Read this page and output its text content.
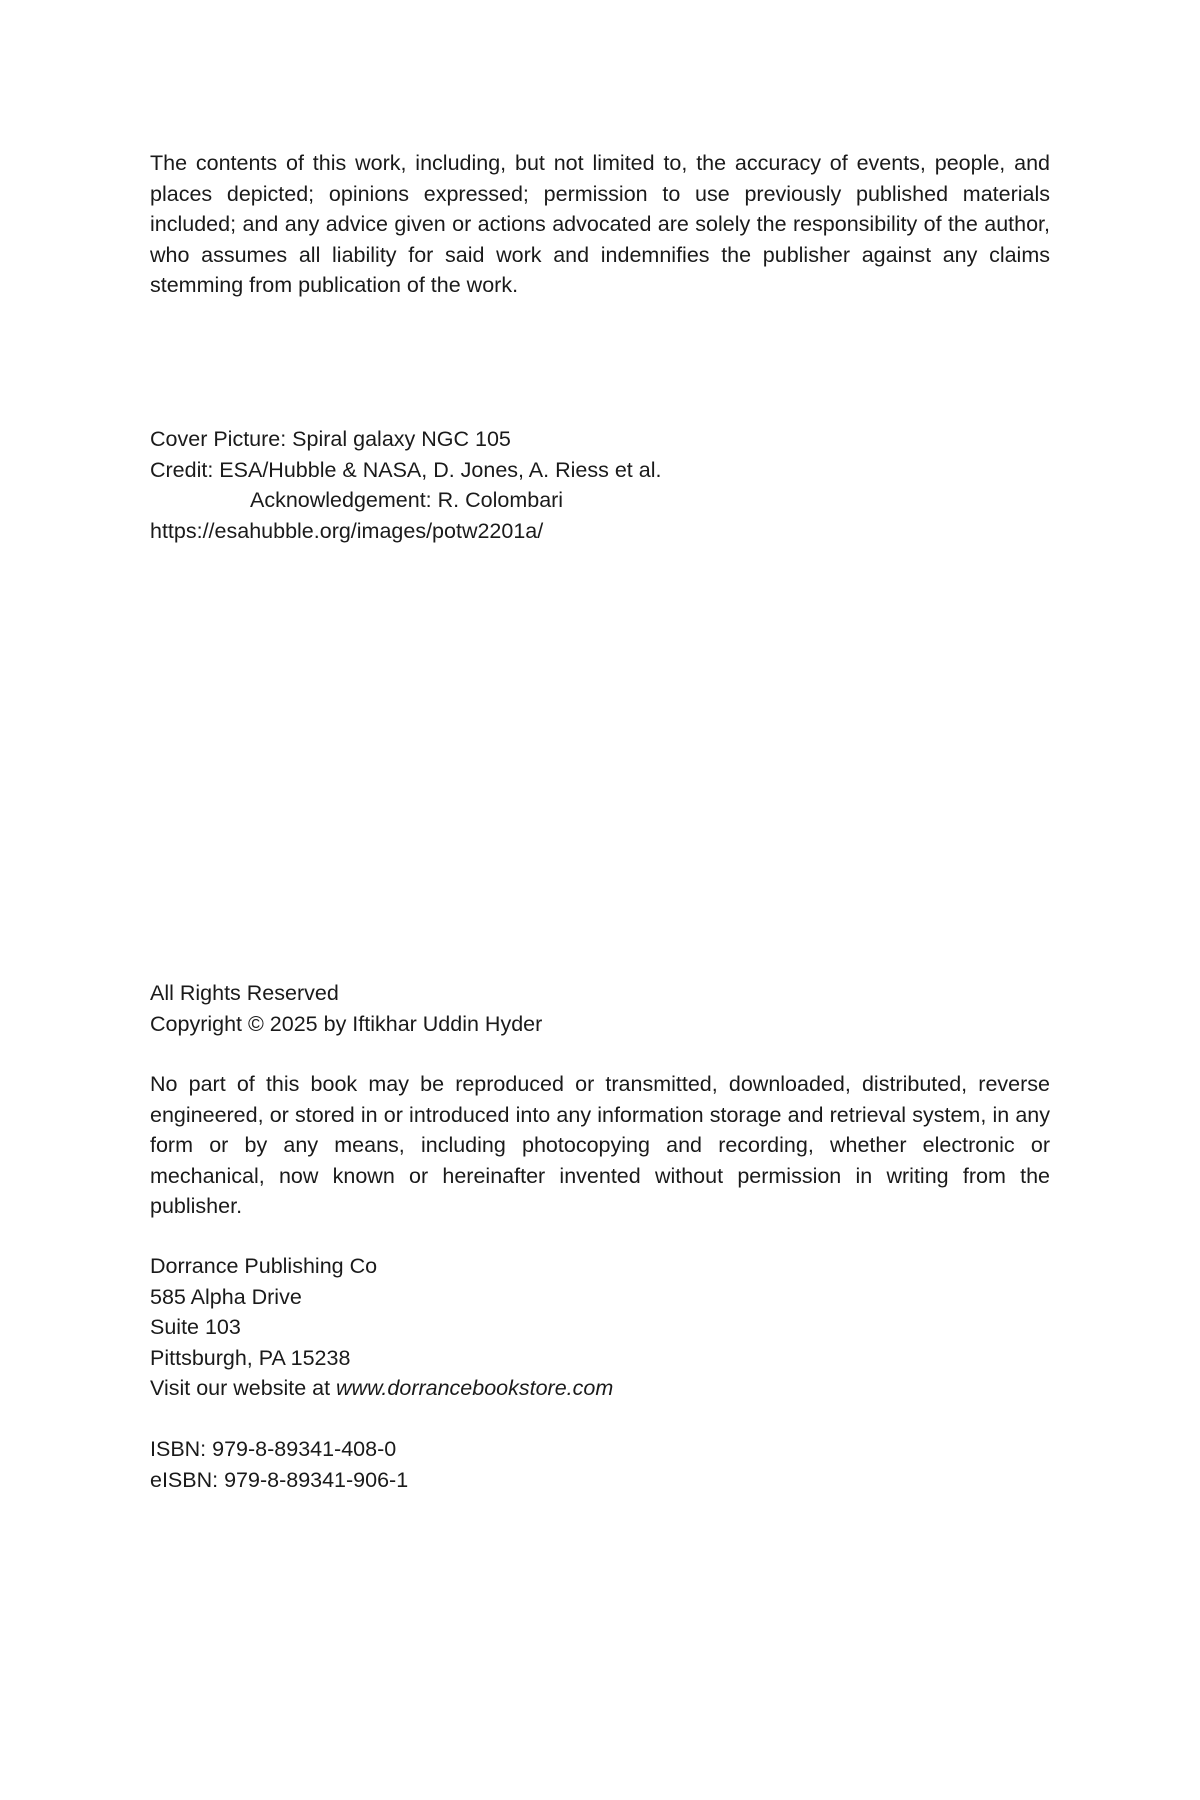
The contents of this work, including, but not limited to, the accuracy of events, people, and places depicted; opinions expressed; permission to use previously published materials included; and any advice given or actions advocated are solely the responsibility of the author, who assumes all liability for said work and indemnifies the publisher against any claims stemming from publication of the work.
Cover Picture: Spiral galaxy NGC 105
Credit: ESA/Hubble & NASA, D. Jones, A. Riess et al.
Acknowledgement: R. Colombari
https://esahubble.org/images/potw2201a/
All Rights Reserved
Copyright © 2025 by Iftikhar Uddin Hyder
No part of this book may be reproduced or transmitted, downloaded, distributed, reverse engineered, or stored in or introduced into any information storage and retrieval system, in any form or by any means, including photocopying and recording, whether electronic or mechanical, now known or hereinafter invented without permission in writing from the publisher.
Dorrance Publishing Co
585 Alpha Drive
Suite 103
Pittsburgh, PA 15238
Visit our website at www.dorrancebookstore.com
ISBN: 979-8-89341-408-0
eISBN: 979-8-89341-906-1
